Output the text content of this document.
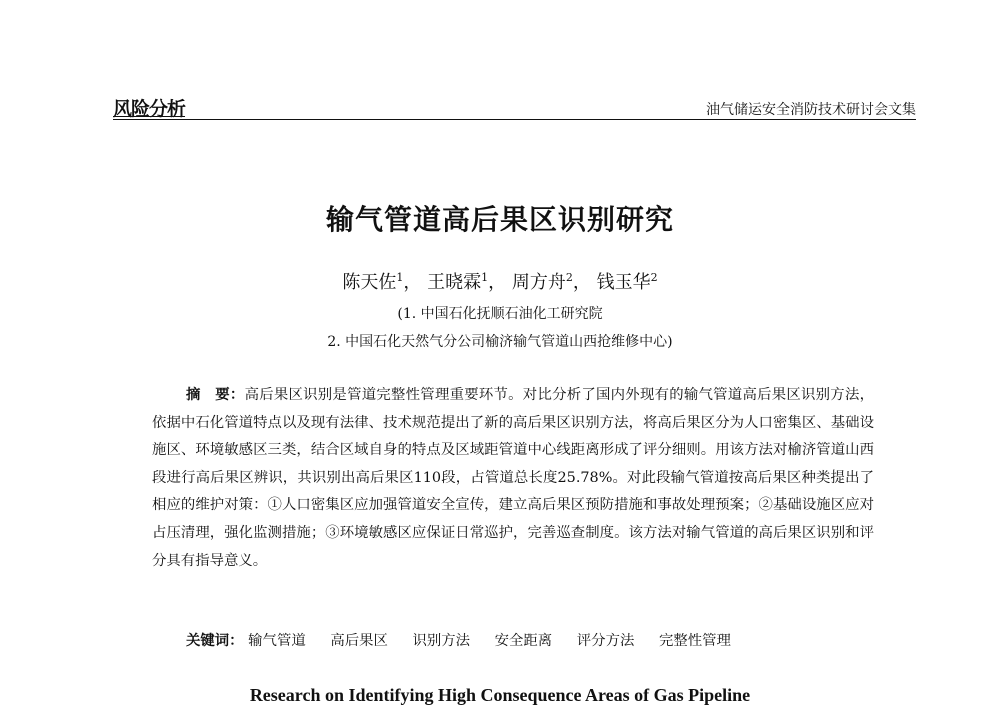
风险分析	油气储运安全消防技术研讨会文集
输气管道高后果区识别研究
陈天佐$^1$， 王晓霖$^1$， 周方舟$^2$， 钱玉华$^2$
(1. 中国石化抚顺石油化工研究院
2. 中国石化天然气分公司榆济输气管道山西抢维修中心)
摘　要：高后果区识别是管道完整性管理重要环节。对比分析了国内外现有的输气管道高后果区识别方法，依据中石化管道特点以及现有法律、技术规范提出了新的高后果区识别方法，将高后果区分为人口密集区、基础设施区、环境敏感区三类，结合区域自身的特点及区域距管道中心线距离形成了评分细则。用该方法对榆济管道山西段进行高后果区辨识，共识别出高后果区110段，占管道总长度25.78%。对此段输气管道按高后果区种类提出了相应的维护对策：①人口密集区应加强管道安全宣传，建立高后果区预防措施和事故处理预案；②基础设施区应对占压清理，强化监测措施；③环境敏感区应保证日常巡护，完善巡查制度。该方法对输气管道的高后果区识别和评分具有指导意义。
关键词： 输气管道 高后果区 识别方法 安全距离 评分方法 完整性管理
Research on Identifying High Consequence Areas of Gas Pipeline
